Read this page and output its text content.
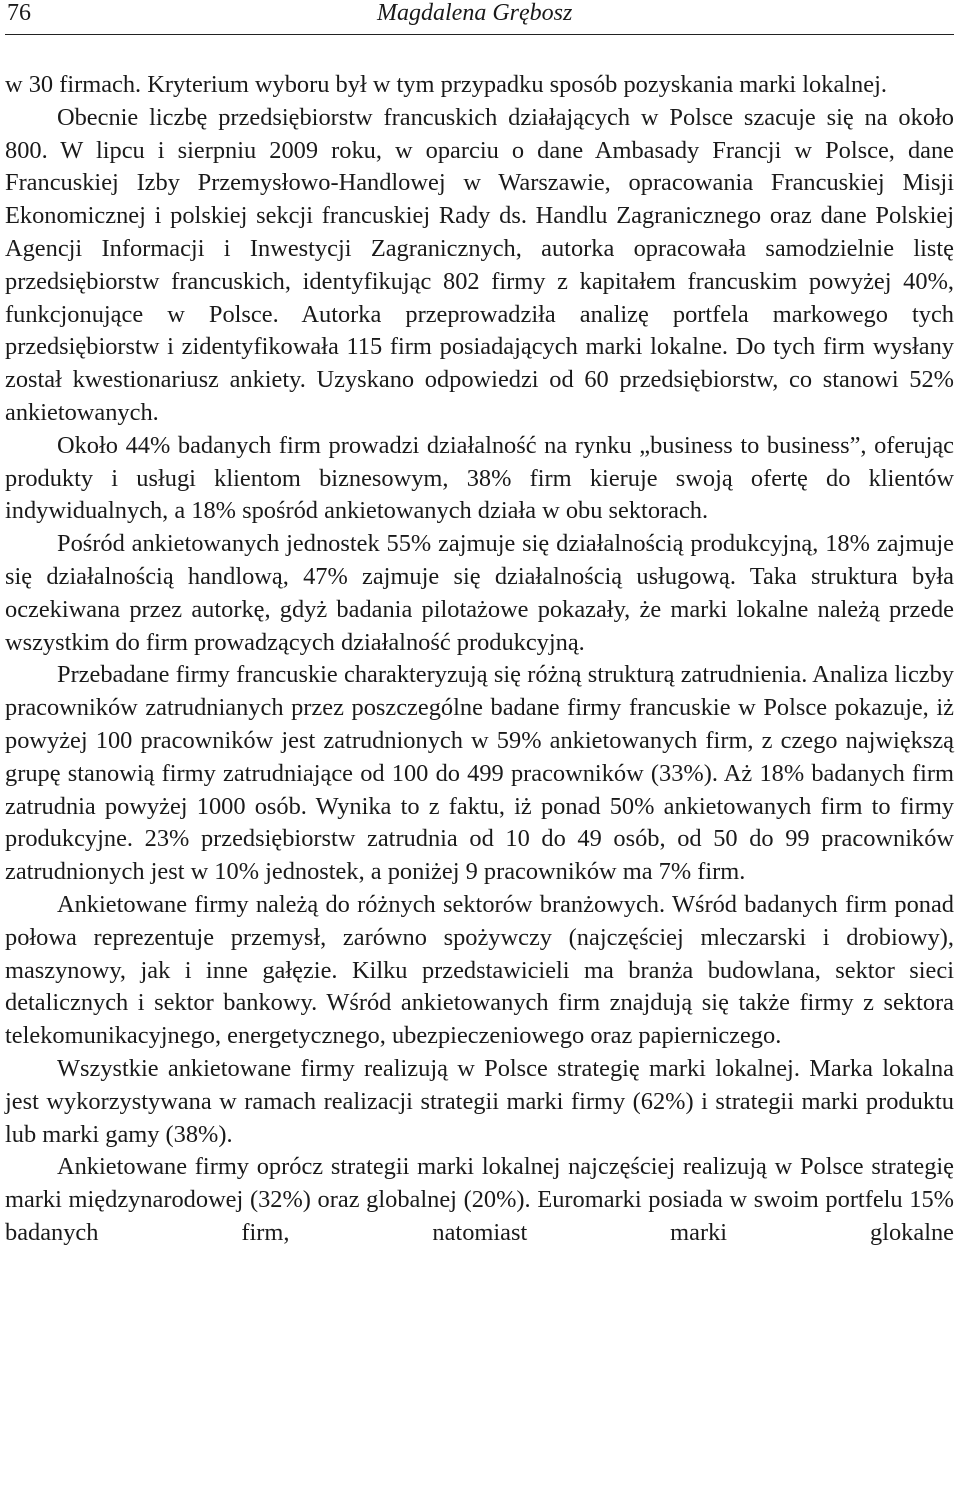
76	Magdalena Grębosz

w 30 firmach. Kryterium wyboru był w tym przypadku sposób pozyskania marki lokalnej.

Obecnie liczbę przedsiębiorstw francuskich działających w Polsce szacuje się na około 800. W lipcu i sierpniu 2009 roku, w oparciu o dane Ambasady Francji w Polsce, dane Francuskiej Izby Przemysłowo-Handlowej w Warszawie, opracowania Francuskiej Misji Ekonomicznej i polskiej sekcji francuskiej Rady ds. Handlu Zagranicznego oraz dane Polskiej Agencji Informacji i Inwestycji Zagranicznych, autorka opracowała samodzielnie listę przedsiębiorstw francuskich, identyfikując 802 firmy z kapitałem francuskim powyżej 40%, funkcjonujące w Polsce. Autorka przeprowadziła analizę portfela markowego tych przedsiębiorstw i zidentyfikowała 115 firm posiadających marki lokalne. Do tych firm wysłany został kwestionariusz ankiety. Uzyskano odpowiedzi od 60 przedsiębiorstw, co stanowi 52% ankietowanych.

Około 44% badanych firm prowadzi działalność na rynku „business to business”, oferując produkty i usługi klientom biznesowym, 38% firm kieruje swoją ofertę do klientów indywidualnych, a 18% spośród ankietowanych działa w obu sektorach.

Pośród ankietowanych jednostek 55% zajmuje się działalnością produkcyjną, 18% zajmuje się działalnością handlową, 47% zajmuje się działalnością usługową. Taka struktura była oczekiwana przez autorkę, gdyż badania pilotażowe pokazały, że marki lokalne należą przede wszystkim do firm prowadzących działalność produkcyjną.

Przebadane firmy francuskie charakteryzują się różną strukturą zatrudnienia. Analiza liczby pracowników zatrudnianych przez poszczególne badane firmy francuskie w Polsce pokazuje, iż powyżej 100 pracowników jest zatrudnionych w 59% ankietowanych firm, z czego największą grupę stanowią firmy zatrudniające od 100 do 499 pracowników (33%). Aż 18% badanych firm zatrudnia powyżej 1000 osób. Wynika to z faktu, iż ponad 50% ankietowanych firm to firmy produkcyjne. 23% przedsiębiorstw zatrudnia od 10 do 49 osób, od 50 do 99 pracowników zatrudnionych jest w 10% jednostek, a poniżej 9 pracowników ma 7% firm.

Ankietowane firmy należą do różnych sektorów branżowych. Wśród badanych firm ponad połowa reprezentuje przemysł, zarówno spożywczy (najczęściej mleczarski i drobiowy), maszynowy, jak i inne gałęzie. Kilku przedstawicieli ma branża budowlana, sektor sieci detalicznych i sektor bankowy. Wśród ankietowanych firm znajdują się także firmy z sektora telekomunikacyjnego, energetycznego, ubezpieczeniowego oraz papierniczego.

Wszystkie ankietowane firmy realizują w Polsce strategię marki lokalnej. Marka lokalna jest wykorzystywana w ramach realizacji strategii marki firmy (62%) i strategii marki produktu lub marki gamy (38%).

Ankietowane firmy oprócz strategii marki lokalnej najczęściej realizują w Polsce strategię marki międzynarodowej (32%) oraz globalnej (20%). Euromarki posiada w swoim portfelu 15% badanych firm, natomiast marki glokalne
